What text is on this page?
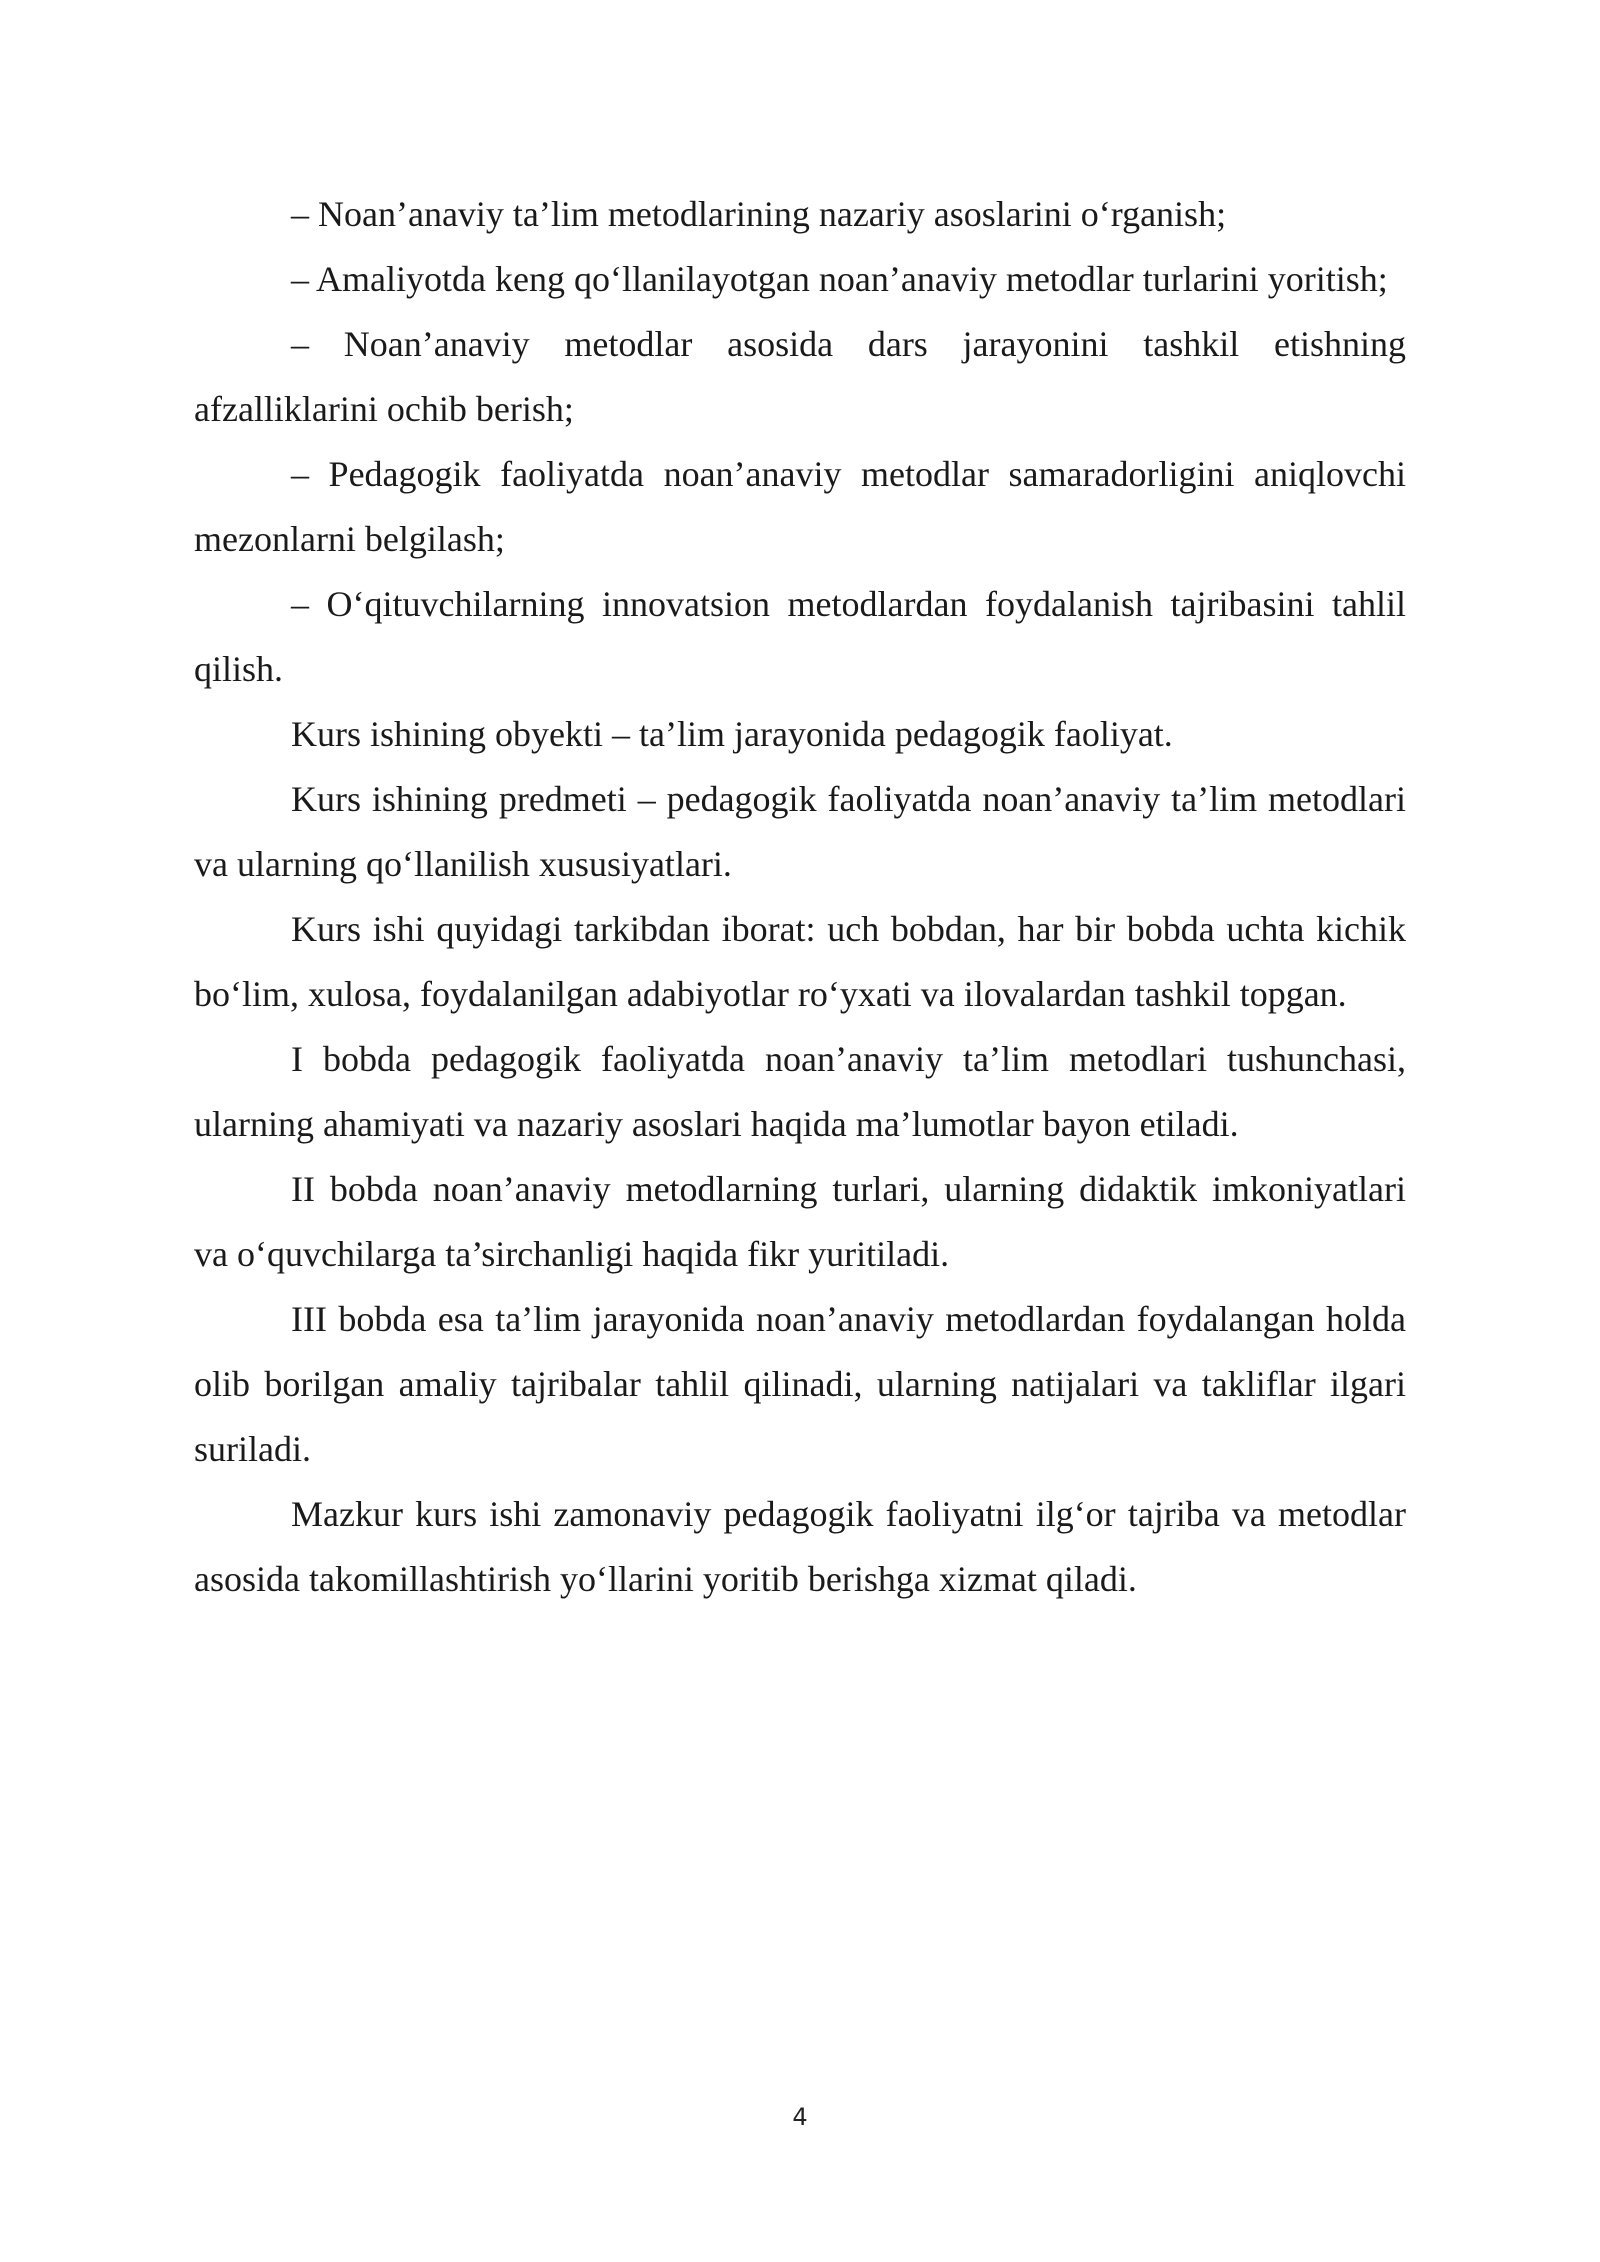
– Noan’anaviy ta’lim metodlarining nazariy asoslarini o‘rganish;

– Amaliyotda keng qo‘llanilayotgan noan’anaviy metodlar turlarini yoritish;

– Noan’anaviy metodlar asosida dars jarayonini tashkil etishning afzalliklarini ochib berish;

– Pedagogik faoliyatda noan’anaviy metodlar samaradorligini aniqlovchi mezonlarni belgilash;

– O‘qituvchilarning innovatsion metodlardan foydalanish tajribasini tahlil qilish.

Kurs ishining obyekti – ta’lim jarayonida pedagogik faoliyat.

Kurs ishining predmeti – pedagogik faoliyatda noan’anaviy ta’lim metodlari va ularning qo‘llanilish xususiyatlari.

Kurs ishi quyidagi tarkibdan iborat: uch bobdan, har bir bobda uchta kichik bo‘lim, xulosa, foydalanilgan adabiyotlar ro‘yxati va ilovalardan tashkil topgan.

I bobda pedagogik faoliyatda noan’anaviy ta’lim metodlari tushunchasi, ularning ahamiyati va nazariy asoslari haqida ma’lumotlar bayon etiladi.

II bobda noan’anaviy metodlarning turlari, ularning didaktik imkoniyatlari va o‘quvchilarga ta’sirchanligi haqida fikr yuritiladi.

III bobda esa ta’lim jarayonida noan’anaviy metodlardan foydalangan holda olib borilgan amaliy tajribalar tahlil qilinadi, ularning natijalari va takliflar ilgari suriladi.

Mazkur kurs ishi zamonaviy pedagogik faoliyatni ilg‘or tajriba va metodlar asosida takomillashtirish yo‘llarini yoritib berishga xizmat qiladi.

4
